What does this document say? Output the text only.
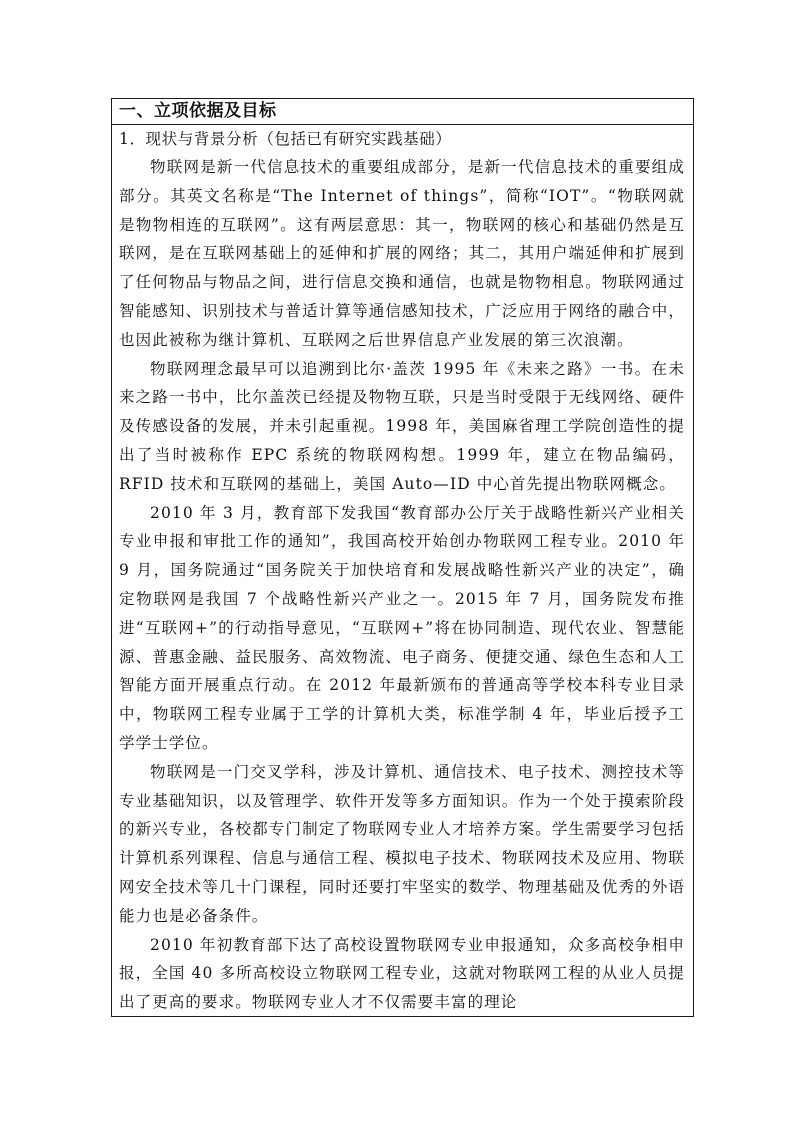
一、立项依据及目标
1．现状与背景分析（包括已有研究实践基础）

物联网是新一代信息技术的重要组成部分，是新一代信息技术的重要组成部分。其英文名称是“The Internet of things”，简称“IOT”。“物联网就是物物相连的互联网”。这有两层意思：其一，物联网的核心和基础仍然是互联网，是在互联网基础上的延伸和扩展的网络；其二，其用户端延伸和扩展到了任何物品与物品之间，进行信息交换和通信，也就是物物相息。物联网通过智能感知、识别技术与普适计算等通信感知技术，广泛应用于网络的融合中，也因此被称为继计算机、互联网之后世界信息产业发展的第三次浪潮。

物联网理念最早可以追溯到比尔·盖茨 1995 年《未来之路》一书。在未来之路一书中，比尔盖茨已经提及物物互联，只是当时受限于无线网络、硬件及传感设备的发展，并未引起重视。1998 年，美国麻省理工学院创造性的提出了当时被称作 EPC 系统的物联网构想。1999 年，建立在物品编码，RFID 技术和互联网的基础上，美国 Auto—ID 中心首先提出物联网概念。

2010 年 3 月，教育部下发我国“教育部办公厅关于战略性新兴产业相关专业申报和审批工作的通知”，我国高校开始创办物联网工程专业。2010 年 9 月，国务院通过“国务院关于加快培育和发展战略性新兴产业的决定”，确定物联网是我国 7 个战略性新兴产业之一。2015 年 7 月，国务院发布推进“互联网+”的行动指导意见，“互联网+”将在协同制造、现代农业、智慧能源、普惠金融、益民服务、高效物流、电子商务、便捷交通、绿色生态和人工智能方面开展重点行动。在 2012 年最新颁布的普通高等学校本科专业目录中，物联网工程专业属于工学的计算机大类，标准学制 4 年，毕业后授予工学学士学位。

物联网是一门交叉学科，涉及计算机、通信技术、电子技术、测控技术等专业基础知识，以及管理学、软件开发等多方面知识。作为一个处于摸索阶段的新兴专业，各校都专门制定了物联网专业人才培养方案。学生需要学习包括计算机系列课程、信息与通信工程、模拟电子技术、物联网技术及应用、物联网安全技术等几十门课程，同时还要打牢坚实的数学、物理基础及优秀的外语能力也是必备条件。

2010 年初教育部下达了高校设置物联网专业申报通知，众多高校争相申报，全国 40 多所高校设立物联网工程专业，这就对物联网工程的从业人员提出了更高的要求。物联网专业人才不仅需要丰富的理论
